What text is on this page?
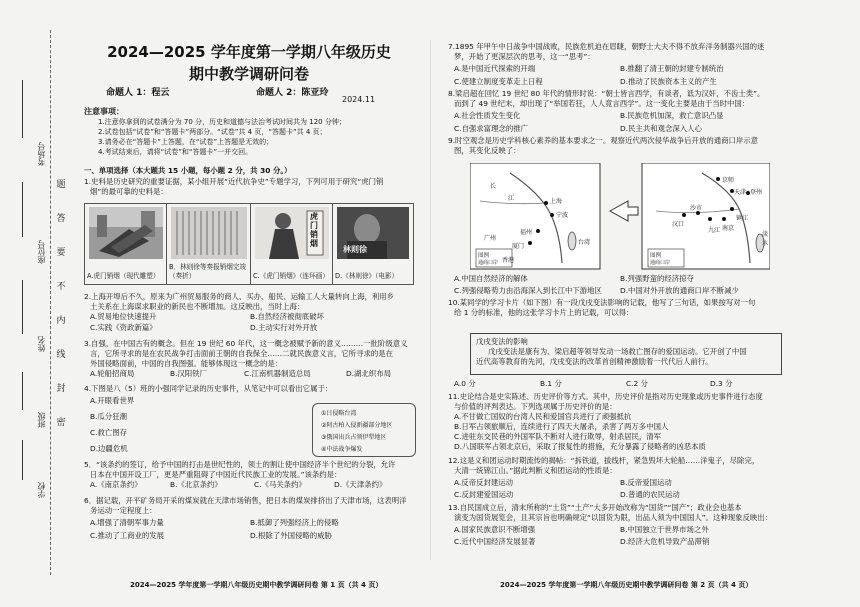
考场号
座位号
姓名
班级
学校
题
答
要
不
内
线
封
密
2024—2025 学年度第一学期八年级历史
期中教学调研问卷
命题人 1：程云	命题人 2：陈亚玲
2024.11
注意事项：
1.注意你拿到的试卷满分为 70 分，历史和道德与法治考试时间共为 120 分钟；
2.试卷包括“试卷”和“答题卡”两部分。“试卷”共 4 页，“答题卡”共 4 页；
3.请务必在“答题卡”上答题，在“试卷”上答题是无效的；
4.考试结束后，请将“试卷”和“答题卡”一并交回。
一、单项选择（本大题共 15 小题，每小题 2 分，共 30 分。）
1.史料是历史研究的重要证据，某小组开展“近代抗争史”专题学习，下列可用于研究“虎门销
烟”的最可靠的史料是：
A.虎门销烟（现代雕塑）
B．林则徐等奏报销烟完竣（奏折）
虎门销烟
C.《虎门销烟》（连环画）
林则徐
D.《林则徐》（电影）
2.上海开埠后不久，原来为广州贸易服务的商人、买办、船民、运输工人大量转向上海，利用乡
土关系在上海谋求职业的新民也不断增加。这反映出，当时上海：
A.贸易地位快速提升	B.自然经济被彻底破坏
C.实践《资政新篇》	D.主动实行对外开放
3.自强，在中国古有的概念。但在 19 世纪 60 年代，这一概念被赋予新的意义………一批阶级意义
言，它所寻求的是在农民战争打击面前王朝的自我保全……二就民族意义言，它所寻求的是在
外国侵略面前，中国的自我图强。能够体现这一概念的是：
A.轮船招商局	B.汉阳铁厂	C.江南机器制造总局	D.湖北织布局
4.下图是八（5）班的小强同学记录的历史事件，从笔记中可以看出它属于：
A.开眼看世界
B.瓜分狂潮
C.救亡图存
D.边疆危机
①日侵略台湾
②阿古柏入侵新疆部分地区
③俄国出兵占领伊犁地区
④中法战争爆发
5．“该条约的签订，给予中国的打击是世纪性的，领土的割让使中国经济半个世纪的分裂，允许
日本在中国开设工厂，更是严重阻碍了中国近代民族工业的发展。”该条约是：
A.《南京条约》	B.《北京条约》	C.《马关条约》	D.《天津条约》
6．据记载，开平矿务局开采的煤炭就在天津市场销售，把日本的煤炭排挤出了天津市场，这表明洋
务运动一定程度上：
A.增强了清朝军事力量	B.抵御了列强经济上的侵略
C.推动了工商业的发展	D.根除了外国侵略的威胁
2024—2025 学年度第一学期八年级历史期中教学调研问卷 第 1 页（共 4 页）
7.1895 年甲午中日战争中国战败，民族危机迫在眉睫，朝野士大夫不得不放弃洋务制器兴国的迷
梦，开始了更深层次的思考，这一“思考”：
A.是中国近代探索的开端	B.推翻了清王朝的封建专制统治
C.使建立制度变革走上日程	D.推动了民族资本主义的产生
8.梁启超在回忆 19 世纪 80 年代的情形时说：“朝士皆言西学，有谈者，诋为汉奸，不齿士类”。
而到了 49 世纪末，却出现了“举国若狂，人人竟言西学”。这一变化主要是由于当时中国：
A.社会性质发生变化	B.民族危机加深，救亡意识凸显
C.自强求富理念的推广	D.民主共和观念深入人心
9.时空观念是历史学科核心素养的基本要求之一。观察近代两次侵华战争后开放的通商口岸示意
图，其变化反映了：
长
江	上海
宁波
福州
厦门
广州
香港
台湾
图例
通商口岸
京师
天津 登州
汉口
沙市
淡水
南京
镇江
九江
图例
通商口岸
A.中国自然经济的解体	B.列强野蛮的经济掠夺
C.列强侵略势力由沿海深入到长江中下游地区 D.中国对外开放的通商口岸不断减少
10.某同学的学习卡片（如下图）有一段戊戌变法影响的记载，他写了三句话，如果按写对一句
给 1 分的标准，他的这张学习卡片上的记载，可以得：
戊戌变法的影响
戊戌变法是康有为、梁启超等领导发动一场救亡图存的爱国运动。它开创了中国
近代高等教育的先河，戊戌变法的改革首创精神激励着一代代后人前行。
A.0 分	B.1 分	C.2 分	D.3 分
11.史论结合是史实陈述、历史评价等方式。其中，历史评价是指对历史现象或历史事件进行态度
与价值的评判表达。下列选项属于历史评价的是：
A.不甘做亡国奴的台湾人民和爱国官兵进行了顽强抵抗
B.日军占领旅顺后，连续进行了四天大屠杀，杀害了两万多中国人
C.进驻东交民巷的外国军队不断对人进行欺辱，射杀居民，清军
D.八国联军占领北京后，采取了报复性的措施，充分暴露了侵略者的凶恶本质
12.这是义和团运动时期流传的揭帖：“拆铁道，拔线杆，紧急毁坏大轮船……洋鬼子，尽除完，
大清一统锦江山。”据此判断义和团运动的性质是：
A.反帝反封建运动	B.反帝爱国运动
C.反封建爱国运动	D.普通的农民运动
13.自民国成立后，清末所称的“土货”“土产”大多开始改称为“国货”“国产”；政业会也基本
演变为国货展览会，且其宗旨也明确规定“以国货为限，出品人须为中国国人”。这种现象反映出：
A.国家民族意识不断增强	B.中国独立于世界市场之外
C.近代中国经济发展显著	D.经济大危机导致产品滞销
2024—2025 学年度第一学期八年级历史期中教学调研问卷 第 2 页（共 4 页）
